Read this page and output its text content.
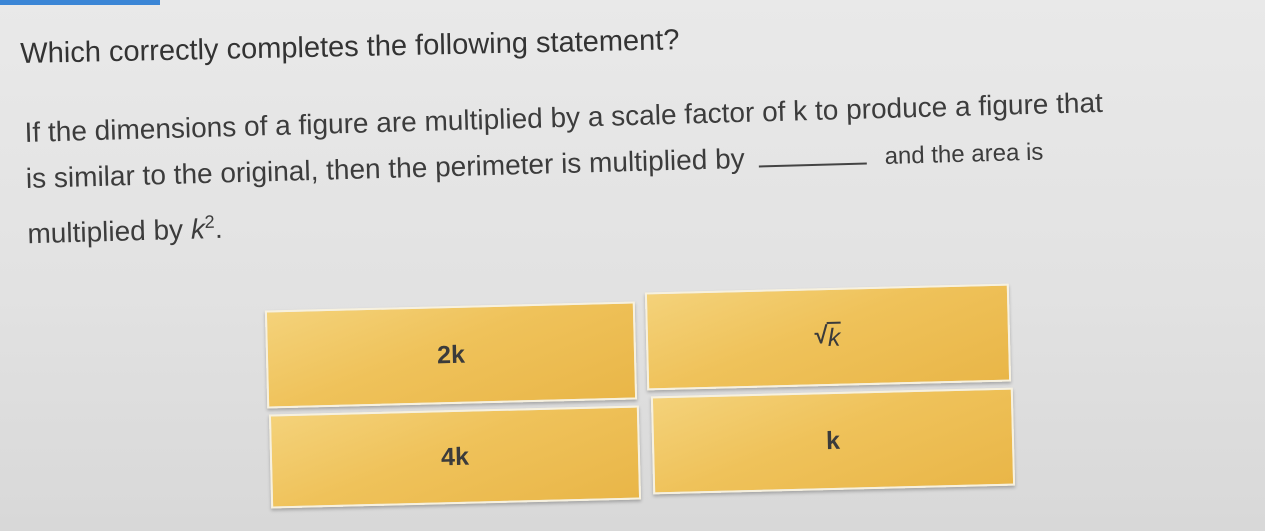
Which correctly completes the following statement?
If the dimensions of a figure are multiplied by a scale factor of k to produce a figure that
is similar to the original, then the perimeter is multiplied by	and the area is
multiplied by $k^2$.
2k
√ k
4k
k
